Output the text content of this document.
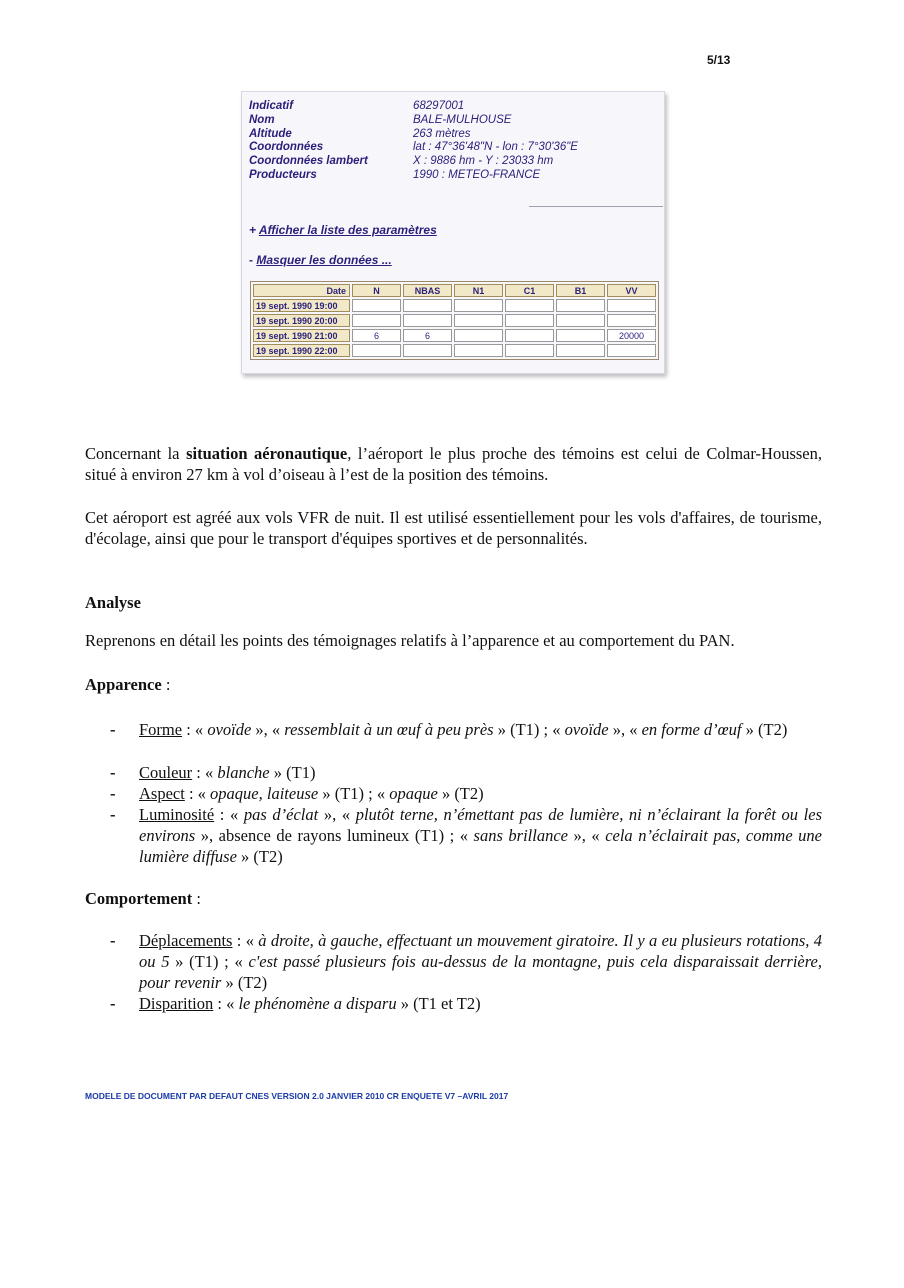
5/13
Indicatif	68297001
Nom	BALE-MULHOUSE
Altitude	263 mètres
Coordonnées	lat : 47°36'48"N - lon : 7°30'36"E
Coordonnées lambert	X : 9886 hm - Y : 23033 hm
Producteurs	1990 : METEO-FRANCE
+ Afficher la liste des paramètres
- Masquer les données ...
Date	N	NBAS	N1	C1	B1	VV
19 sept. 1990 19:00						
19 sept. 1990 20:00						
19 sept. 1990 21:00	6	6				20000
19 sept. 1990 22:00						
Concernant la situation aéronautique, l’aéroport le plus proche des témoins est celui de Colmar-Houssen, situé à environ 27 km à vol d’oiseau à l’est de la position des témoins.
Cet aéroport est agréé aux vols VFR de nuit. Il est utilisé essentiellement pour les vols d'affaires, de tourisme, d'écolage, ainsi que pour le transport d'équipes sportives et de personnalités.
Analyse
Reprenons en détail les points des témoignages relatifs à l’apparence et au comportement du PAN.
Apparence :
- Forme : « ovoïde », « ressemblait à un œuf à peu près » (T1) ; « ovoïde », « en forme d’œuf » (T2)
- Couleur : « blanche » (T1)
- Aspect : « opaque, laiteuse » (T1) ; « opaque » (T2)
- Luminosité : « pas d’éclat », « plutôt terne, n’émettant pas de lumière, ni n’éclairant la forêt ou les environs », absence de rayons lumineux (T1) ; « sans brillance », « cela n’éclairait pas, comme une lumière diffuse » (T2)
Comportement :
- Déplacements : « à droite, à gauche, effectuant un mouvement giratoire. Il y a eu plusieurs rotations, 4 ou 5 » (T1) ; « c'est passé plusieurs fois au-dessus de la montagne, puis cela disparaissait derrière, pour revenir » (T2)
- Disparition : « le phénomène a disparu » (T1 et T2)
MODELE DE DOCUMENT PAR DEFAUT CNES VERSION 2.0 JANVIER 2010 CR ENQUETE V7 –AVRIL 2017
